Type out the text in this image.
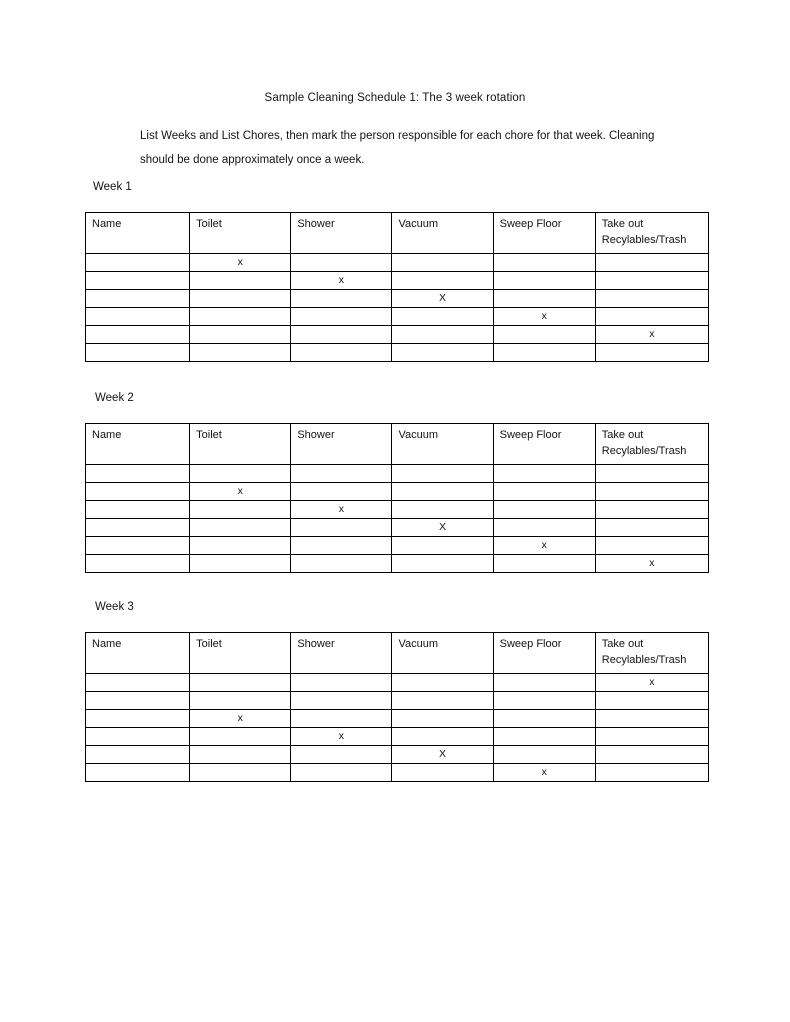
Sample Cleaning Schedule 1: The 3 week rotation
List Weeks and List Chores, then mark the person responsible for each chore for that week. Cleaning should be done approximately once a week.
Week 1
Name	Toilet	Shower	Vacuum	Sweep Floor	Take out
Recylables/Trash
	x				
		x			
			X		
				x	
					x

Week 2
Name	Toilet	Shower	Vacuum	Sweep Floor	Take out
Recylables/Trash

	x				
		x			
			X		
				x	
					x
Week 3
Name	Toilet	Shower	Vacuum	Sweep Floor	Take out
Recylables/Trash
					x

	x				
		x			
			X		
				x	
